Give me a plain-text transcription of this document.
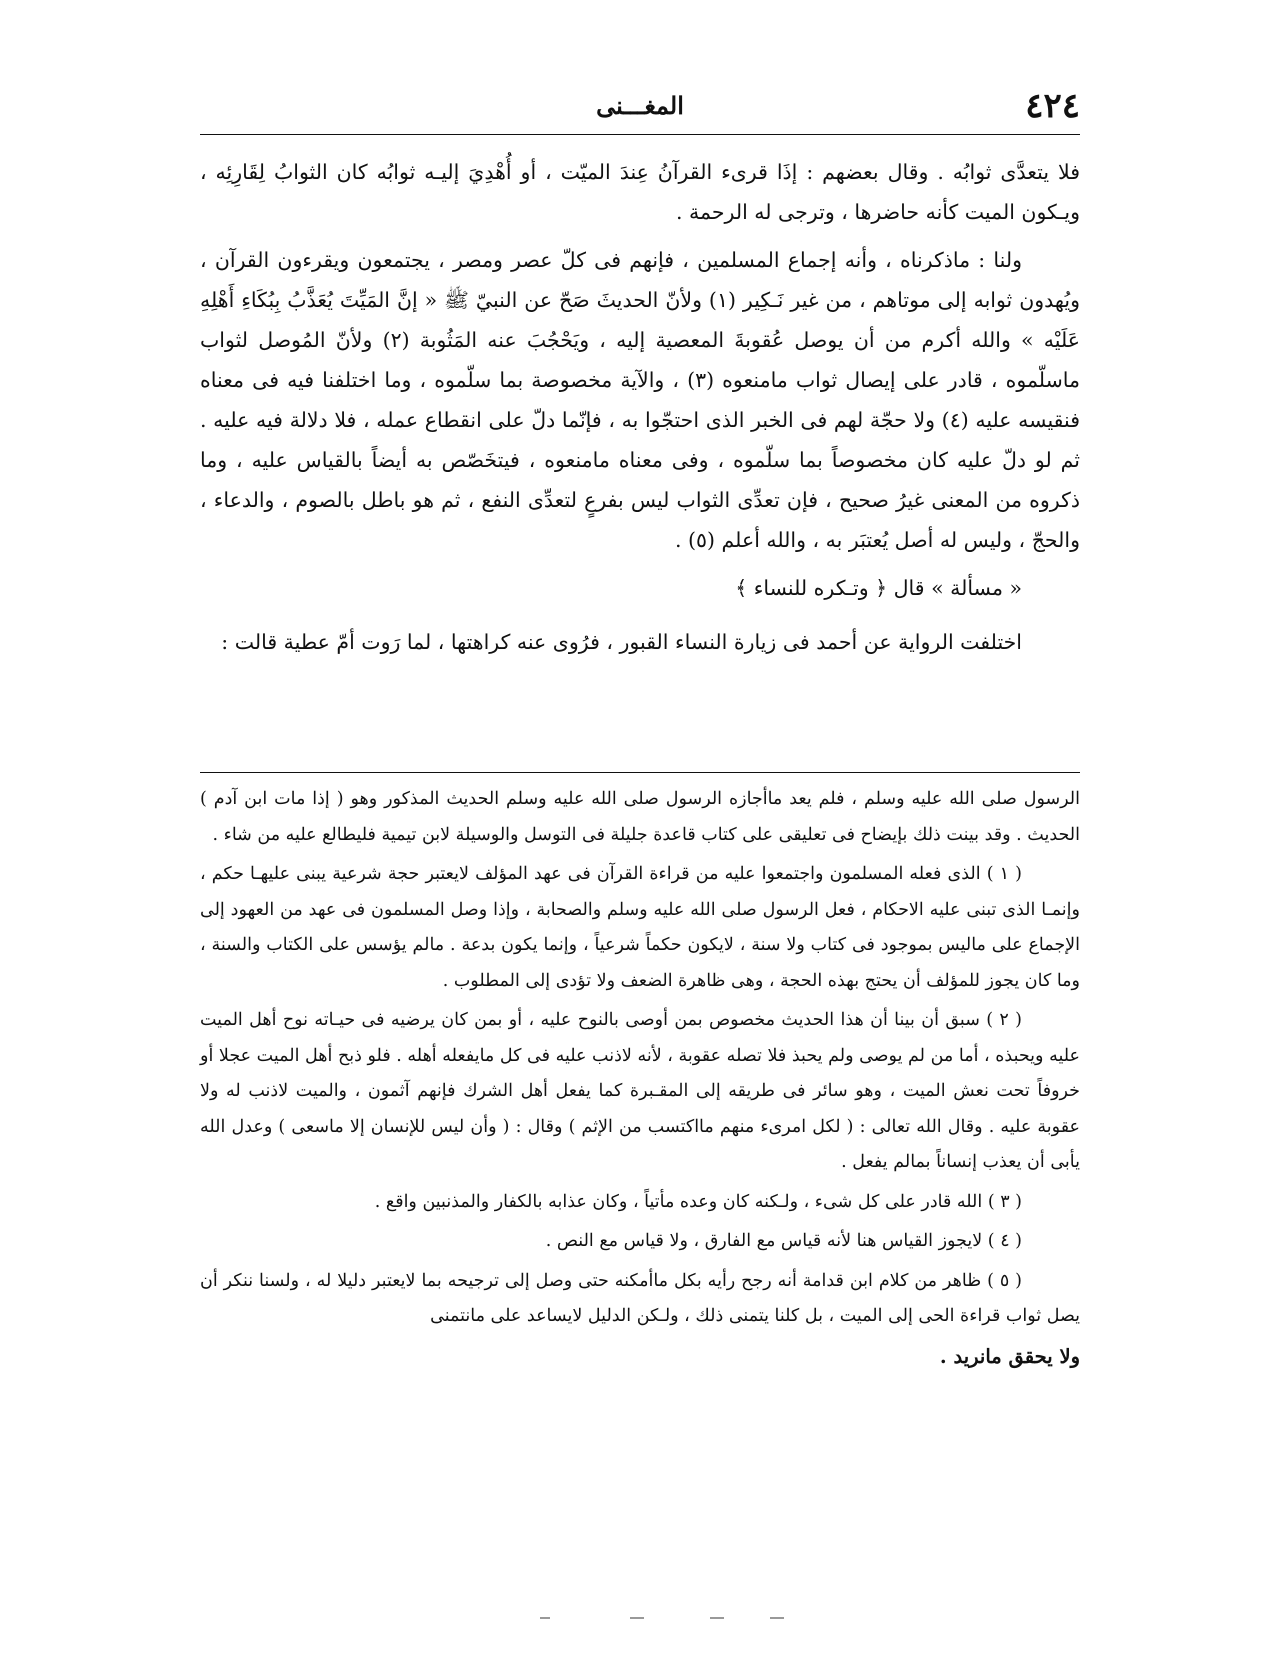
٤٢٤
المغـــنى

فلا يتعدَّى ثوابُه . وقال بعضهم : إذَا قرىء القرآنُ عِندَ الميّت ، أو أُهْدِيَ إليـه ثوابُه كان الثوابُ لِقَارِئِه ، ويـكون الميت كأنه حاضرها ، وترجى له الرحمة .

ولنا : ماذكرناه ، وأنه إجماع المسلمين ، فإنهم فى كلّ عصر ومصر ، يجتمعون ويقرءون القرآن ، ويُهدون ثوابه إلى موتاهم ، من غير نَـكِير (١) ولأنّ الحديثَ صَحّ عن النبيّ ﷺ « إنَّ المَيِّتَ يُعَذَّبُ بِبُكَاءِ أَهْلِهِ عَلَيْه » والله أكرم من أن يوصل عُقوبةَ المعصية إليه ، ويَحْجُبَ عنه المَثُوبة (٢) ولأنّ المُوصل لثواب ماسلّموه ، قادر على إيصال ثواب مامنعوه (٣) ، والآية مخصوصة بما سلّموه ، وما اختلفنا فيه فى معناه فنقيسه عليه (٤) ولا حجّة لهم فى الخبر الذى احتجّوا به ، فإنّما دلّ على انقطاع عمله ، فلا دلالة فيه عليه . ثم لو دلّ عليه كان مخصوصاً بما سلّموه ، وفى معناه مامنعوه ، فيتخَصّص به أيضاً بالقياس عليه ، وما ذكروه من المعنى غيرُ صحيح ، فإن تعدِّى الثواب ليس بفرعٍ لتعدِّى النفع ، ثم هو باطل بالصوم ، والدعاء ، والحجّ ، وليس له أصل يُعتبَر به ، والله أعلم (٥) .

« مسألة » قال ﴿ وتـكره للنساء ﴾

اختلفت الرواية عن أحمد فى زيارة النساء القبور ، فرُوى عنه كراهتها ، لما رَوت أمّ عطية قالت :

الرسول صلى الله عليه وسلم ، فلم يعد ماأجازه الرسول صلى الله عليه وسلم الحديث المذكور وهو ( إذا مات ابن آدم ) الحديث . وقد بينت ذلك بإيضاح فى تعليقى على كتاب قاعدة جليلة فى التوسل والوسيلة لابن تيمية فليطالع عليه من شاء .

( ١ ) الذى فعله المسلمون واجتمعوا عليه من قراءة القرآن فى عهد المؤلف لايعتبر حجة شرعية يبنى عليهـا حكم ، وإنمـا الذى تبنى عليه الاحكام ، فعل الرسول صلى الله عليه وسلم والصحابة ، وإذا وصل المسلمون فى عهد من العهود إلى الإجماع على ماليس بموجود فى كتاب ولا سنة ، لايكون حكماً شرعياً ، وإنما يكون بدعة . مالم يؤسس على الكتاب والسنة ، وما كان يجوز للمؤلف أن يحتج بهذه الحجة ، وهى ظاهرة الضعف ولا تؤدى إلى المطلوب .

( ٢ ) سبق أن بينا أن هذا الحديث مخصوص بمن أوصى بالنوح عليه ، أو بمن كان يرضيه فى حيـاته نوح أهل الميت عليه ويحبذه ، أما من لم يوصى ولم يحبذ فلا تصله عقوبة ، لأنه لاذنب عليه فى كل مايفعله أهله . فلو ذبح أهل الميت عجلا أو خروفاً تحت نعش الميت ، وهو سائر فى طريقه إلى المقـبرة كما يفعل أهل الشرك فإنهم آثمون ، والميت لاذنب له ولا عقوبة عليه . وقال الله تعالى : ( لكل امرىء منهم مااكتسب من الإثم ) وقال : ( وأن ليس للإنسان إلا ماسعى ) وعدل الله يأبى أن يعذب إنساناً بمالم يفعل .

( ٣ ) الله قادر على كل شىء ، ولـكنه كان وعده مأتياً ، وكان عذابه بالكفار والمذنبين واقع .

( ٤ ) لايجوز القياس هنا لأنه قياس مع الفارق ، ولا قياس مع النص .

( ٥ ) ظاهر من كلام ابن قدامة أنه رجح رأيه بكل ماأمكنه حتى وصل إلى ترجيحه بما لايعتبر دليلا له ، ولسنا ننكر أن يصل ثواب قراءة الحى إلى الميت ، بل كلنا يتمنى ذلك ، ولـكن الدليل لايساعد على مانتمنى

ولا يحقق مانريد .
